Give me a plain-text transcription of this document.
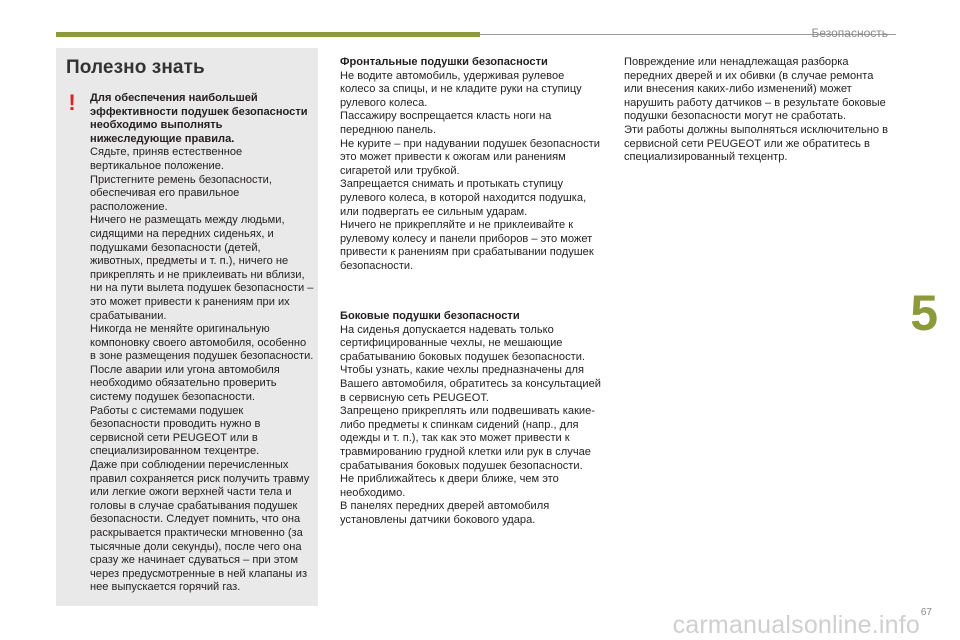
Безопасность
Полезно знать
! Для обеспечения наибольшей эффективности подушек безопасности необходимо выполнять нижеследующие правила.
Сядьте, приняв естественное вертикальное положение.
Пристегните ремень безопасности, обеспечивая его правильное расположение.
Ничего не размещать между людьми, сидящими на передних сиденьях, и подушками безопасности (детей, животных, предметы и т. п.), ничего не прикреплять и не приклеивать ни вблизи, ни на пути вылета подушек безопасности – это может привести к ранениям при их срабатывании.
Никогда не меняйте оригинальную компоновку своего автомобиля, особенно в зоне размещения подушек безопасности.
После аварии или угона автомобиля необходимо обязательно проверить систему подушек безопасности.
Работы с системами подушек безопасности проводить нужно в сервисной сети PEUGEOT или в специализированном техцентре.
Даже при соблюдении перечисленных правил сохраняется риск получить травму или легкие ожоги верхней части тела и головы в случае срабатывания подушек безопасности. Следует помнить, что она раскрывается практически мгновенно (за тысячные доли секунды), после чего она сразу же начинает сдуваться – при этом через предусмотренные в ней клапаны из нее выпускается горячий газ.
Фронтальные подушки безопасности
Не водите автомобиль, удерживая рулевое колесо за спицы, и не кладите руки на ступицу рулевого колеса.
Пассажиру воспрещается класть ноги на переднюю панель.
Не курите – при надувании подушек безопасности это может привести к ожогам или ранениям сигаретой или трубкой.
Запрещается снимать и протыкать ступицу рулевого колеса, в которой находится подушка, или подвергать ее сильным ударам.
Ничего не прикрепляйте и не приклеивайте к рулевому колесу и панели приборов – это может привести к ранениям при срабатывании подушек безопасности.
Боковые подушки безопасности
На сиденья допускается надевать только сертифицированные чехлы, не мешающие срабатыванию боковых подушек безопасности. Чтобы узнать, какие чехлы предназначены для Вашего автомобиля, обратитесь за консультацией в сервисную сеть PEUGEOT.
Запрещено прикреплять или подвешивать какие-либо предметы к спинкам сидений (напр., для одежды и т. п.), так как это может привести к травмированию грудной клетки или рук в случае срабатывания боковых подушек безопасности.
Не приближайтесь к двери ближе, чем это необходимо.
В панелях передних дверей автомобиля установлены датчики бокового удара.
Повреждение или ненадлежащая разборка передних дверей и их обивки (в случае ремонта или внесения каких-либо изменений) может нарушить работу датчиков – в результате боковые подушки безопасности могут не сработать.
Эти работы должны выполняться исключительно в сервисной сети PEUGEOT или же обратитесь в специализированный техцентр.
5
67
carmanualsonline.info
